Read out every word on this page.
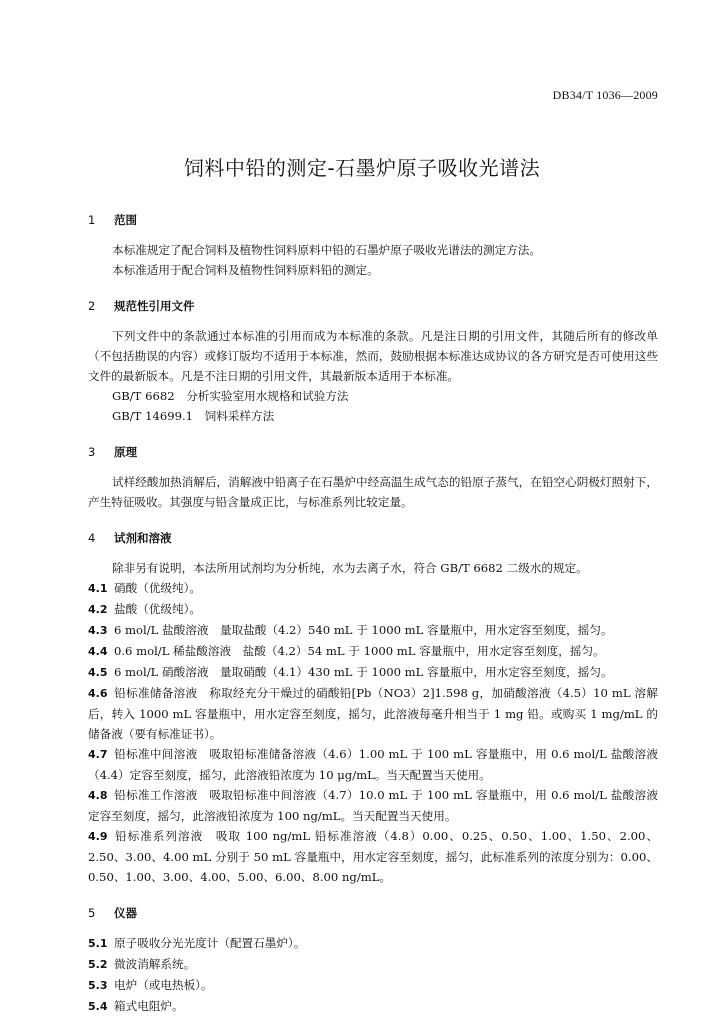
DB34/T 1036—2009
饲料中铅的测定-石墨炉原子吸收光谱法
1 范围

本标准规定了配合饲料及植物性饲料原料中铅的石墨炉原子吸收光谱法的测定方法。

本标准适用于配合饲料及植物性饲料原料铅的测定。

2 规范性引用文件

下列文件中的条款通过本标准的引用而成为本标准的条款。凡是注日期的引用文件，其随后所有的修改单（不包括勘误的内容）或修订版均不适用于本标准，然而，鼓励根据本标准达成协议的各方研究是否可使用这些文件的最新版本。凡是不注日期的引用文件，其最新版本适用于本标准。

GB/T 6682　分析实验室用水规格和试验方法

GB/T 14699.1　饲料采样方法

3 原理

试样经酸加热消解后，消解液中铅离子在石墨炉中经高温生成气态的铅原子蒸气，在铅空心阴极灯照射下，产生特征吸收。其强度与铅含量成正比，与标准系列比较定量。

4 试剂和溶液

除非另有说明，本法所用试剂均为分析纯，水为去离子水，符合 GB/T 6682 二级水的规定。

4.1 硝酸（优级纯）。

4.2 盐酸（优级纯）。

4.3 6 mol/L 盐酸溶液　量取盐酸（4.2）540 mL 于 1000 mL 容量瓶中，用水定容至刻度，摇匀。

4.4 0.6 mol/L 稀盐酸溶液　盐酸（4.2）54 mL 于 1000 mL 容量瓶中，用水定容至刻度，摇匀。

4.5 6 mol/L 硝酸溶液　量取硝酸（4.1）430 mL 于 1000 mL 容量瓶中，用水定容至刻度，摇匀。

4.6 铅标准储备溶液　称取经充分干燥过的硝酸铅[Pb（NO3）2]1.598 g，加硝酸溶液（4.5）10 mL 溶解后，转入 1000 mL 容量瓶中，用水定容至刻度，摇匀，此溶液每毫升相当于 1 mg 铅。或购买 1 mg/mL 的储备液（要有标准证书）。

4.7 铅标准中间溶液　吸取铅标准储备溶液（4.6）1.00 mL 于 100 mL 容量瓶中，用 0.6 mol/L 盐酸溶液（4.4）定容至刻度，摇匀，此溶液铅浓度为 10 μg/mL。当天配置当天使用。

4.8 铅标准工作溶液　吸取铅标准中间溶液（4.7）10.0 mL 于 100 mL 容量瓶中，用 0.6 mol/L 盐酸溶液定容至刻度，摇匀，此溶液铅浓度为 100 ng/mL。当天配置当天使用。

4.9 铅标准系列溶液　吸取 100 ng/mL 铅标准溶液（4.8）0.00、0.25、0.50、1.00、1.50、2.00、2.50、3.00、4.00 mL 分别于 50 mL 容量瓶中，用水定容至刻度，摇匀，此标准系列的浓度分别为：0.00、0.50、1.00、3.00、4.00、5.00、6.00、8.00 ng/mL。

5 仪器

5.1 原子吸收分光光度计（配置石墨炉）。

5.2 微波消解系统。

5.3 电炉（或电热板）。

5.4 箱式电阻炉。
